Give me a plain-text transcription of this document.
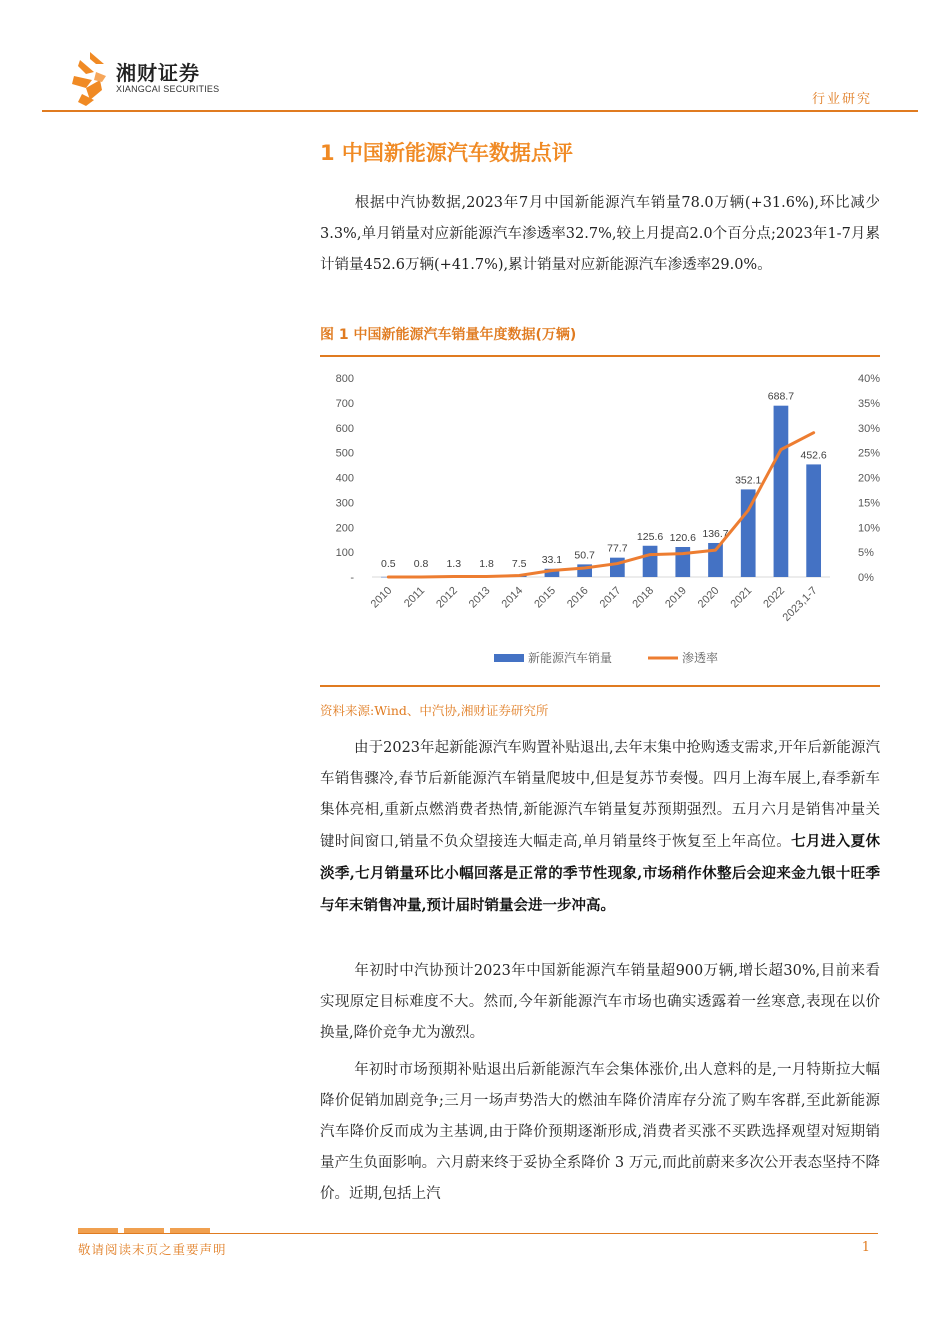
湘财证券
XIANGCAI SECURITIES
行业研究
1 中国新能源汽车数据点评
根据中汽协数据,2023年7月中国新能源汽车销量78.0万辆(+31.6%),环比减少3.3%,单月销量对应新能源汽车渗透率32.7%,较上月提高2.0个百分点;2023年1-7月累计销量452.6万辆(+41.7%),累计销量对应新能源汽车渗透率29.0%。
图 1 中国新能源汽车销量年度数据(万辆)
-
100
200
300
400
500
600
700
800
0%
5%
10%
15%
20%
25%
30%
35%
40%
0.5 0.8 1.3 1.8 7.5 33.1 50.7
77.7
125.6 120.6 136.7
352.1
688.7
452.6
2010 2011 2012 2013 2014 2015 2016 2017 2018 2019 2020 2021 2022
2023,1-7
新能源汽车销量	渗透率
资料来源:Wind、中汽协,湘财证券研究所
由于2023年起新能源汽车购置补贴退出,去年末集中抢购透支需求,开年后新能源汽车销售骤冷,春节后新能源汽车销量爬坡中,但是复苏节奏慢。四月上海车展上,春季新车集体亮相,重新点燃消费者热情,新能源汽车销量复苏预期强烈。五月六月是销售冲量关键时间窗口,销量不负众望接连大幅走高,单月销量终于恢复至上年高位。七月进入夏休淡季,七月销量环比小幅回落是正常的季节性现象,市场稍作休整后会迎来金九银十旺季与年末销售冲量,预计届时销量会进一步冲高。
年初时中汽协预计2023年中国新能源汽车销量超900万辆,增长超30%,目前来看实现原定目标难度不大。然而,今年新能源汽车市场也确实透露着一丝寒意,表现在以价换量,降价竞争尤为激烈。
年初时市场预期补贴退出后新能源汽车会集体涨价,出人意料的是,一月特斯拉大幅降价促销加剧竞争;三月一场声势浩大的燃油车降价清库存分流了购车客群,至此新能源汽车降价反而成为主基调,由于降价预期逐渐形成,消费者买涨不买跌选择观望对短期销量产生负面影响。六月蔚来终于妥协全系降价 3 万元,而此前蔚来多次公开表态坚持不降价。近期,包括上汽
敬请阅读末页之重要声明	1
